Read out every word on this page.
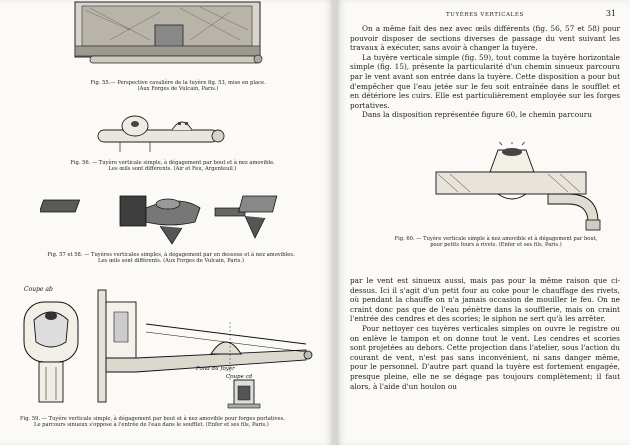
Fig. 55.— Perspective cavalière de la tuyère fig. 53, mise en place.
(Aux Forges de Vulcain, Paris.)
Fig. 56. — Tuyère verticale simple, à dégagement par bout et à nez amovible.
Les œils sont différents. (Air et Feu, Argenteuil.)
Fig. 57 et 58. — Tuyères verticales simples, à dégagement par en dessous et à nez amovibles.
Les œils sont différents. (Aux Forges de Vulcain, Paris.)
Coupe ab
Fond du foyer
Coupe cd
Fig. 59. — Tuyère verticale simple, à dégagement par bout et à nez amovible pour forges portatives.
Le parcours sinueux s'oppose à l'entrée de l'eau dans le soufflet. (Enfer et ses fils, Paris.)
TUYÈRES VERTICALES	31

On a même fait des nez avec œils différents (fig. 56, 57 et 58) pour pouvoir disposer de sections diverses de passage du vent suivant les travaux à exécuter, sans avoir à changer la tuyère.

La tuyère verticale simple (fig. 59), tout comme la tuyère horizontale simple (fig. 15), présente la particularité d'un chemin sinueux parcouru par le vent avant son entrée dans la tuyère. Cette disposition a pour but d'empêcher que l'eau jetée sur le feu soit entraînée dans le soufflet et en détériore les cuirs. Elle est particulièrement employée sur les forges portatives.

Dans la disposition représentée figure 60, le chemin parcouru

Fig. 60. — Tuyère verticale simple à nez amovible et à dégagement par bout,
pour petits fours à rivets. (Enfer et ses fils, Paris.)

par le vent est sinueux aussi, mais pas pour la même raison que ci-dessus. Ici il s'agit d'un petit four au coke pour le chauffage des rivets, où pendant la chauffe on n'a jamais occasion de mouiller le feu. On ne craint donc pas que de l'eau pénètre dans la soufflerie, mais on craint l'entrée des cendres et des scories; le siphon ne sert qu'à les arrêter.

Pour nettoyer ces tuyères verticales simples on ouvre le registre ou on enlève le tampon et on donne tout le vent. Les cendres et scories sont projetées au dehors. Cette projection dans l'atelier, sous l'action du courant de vent, n'est pas sans inconvénient, ni sans danger même, pour le personnel. D'autre part quand la tuyère est fortement engagée, presque pleine, elle ne se dégage pas toujours complètement; il faut alors, à l'aide d'un houlon ou
